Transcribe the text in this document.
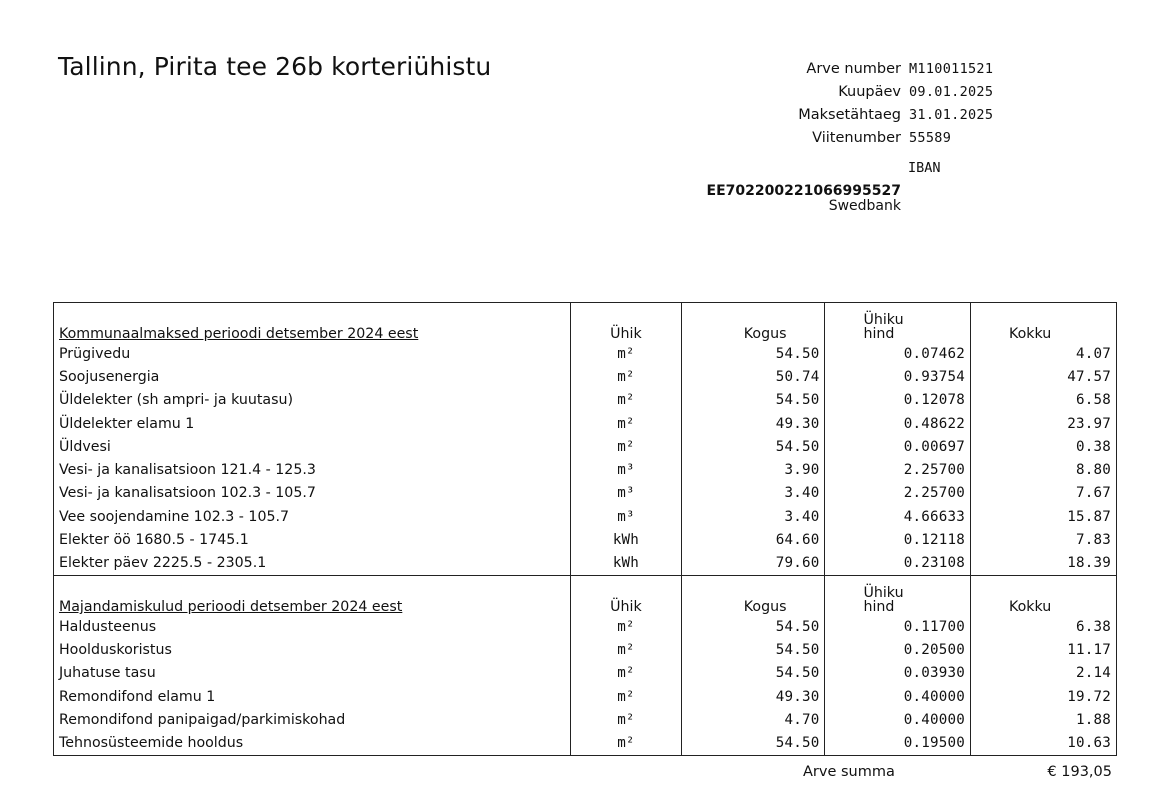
Tallinn, Pirita tee 26b korteriühistu	Arve number M110011521
Kuupäev 09.01.2025
Maksetähtaeg 31.01.2025
Viitenumber 55589
IBAN
EE702200221066995527
Swedbank
Kommunaalmaksed perioodi detsember 2024 eest	Ühik	Kogus	Ühiku
hind	Kokku
Prügivedu	m²	54.50	0.07462	4.07
Soojusenergia	m²	50.74	0.93754	47.57
Üldelekter (sh ampri- ja kuutasu)	m²	54.50	0.12078	6.58
Üldelekter elamu 1	m²	49.30	0.48622	23.97
Üldvesi	m²	54.50	0.00697	0.38
Vesi- ja kanalisatsioon 121.4 - 125.3	m³	3.90	2.25700	8.80
Vesi- ja kanalisatsioon 102.3 - 105.7	m³	3.40	2.25700	7.67
Vee soojendamine 102.3 - 105.7	m³	3.40	4.66633	15.87
Elekter öö 1680.5 - 1745.1	kWh	64.60	0.12118	7.83
Elekter päev 2225.5 - 2305.1	kWh	79.60	0.23108	18.39
Majandamiskulud perioodi detsember 2024 eest	Ühik	Kogus	Ühiku
hind	Kokku
Haldusteenus	m²	54.50	0.11700	6.38
Hoolduskoristus	m²	54.50	0.20500	11.17
Juhatuse tasu	m²	54.50	0.03930	2.14
Remondifond elamu 1	m²	49.30	0.40000	19.72
Remondifond panipaigad/parkimiskohad	m²	4.70	0.40000	1.88
Tehnosüsteemide hooldus	m²	54.50	0.19500	10.63
Arve summa	€ 193,05
